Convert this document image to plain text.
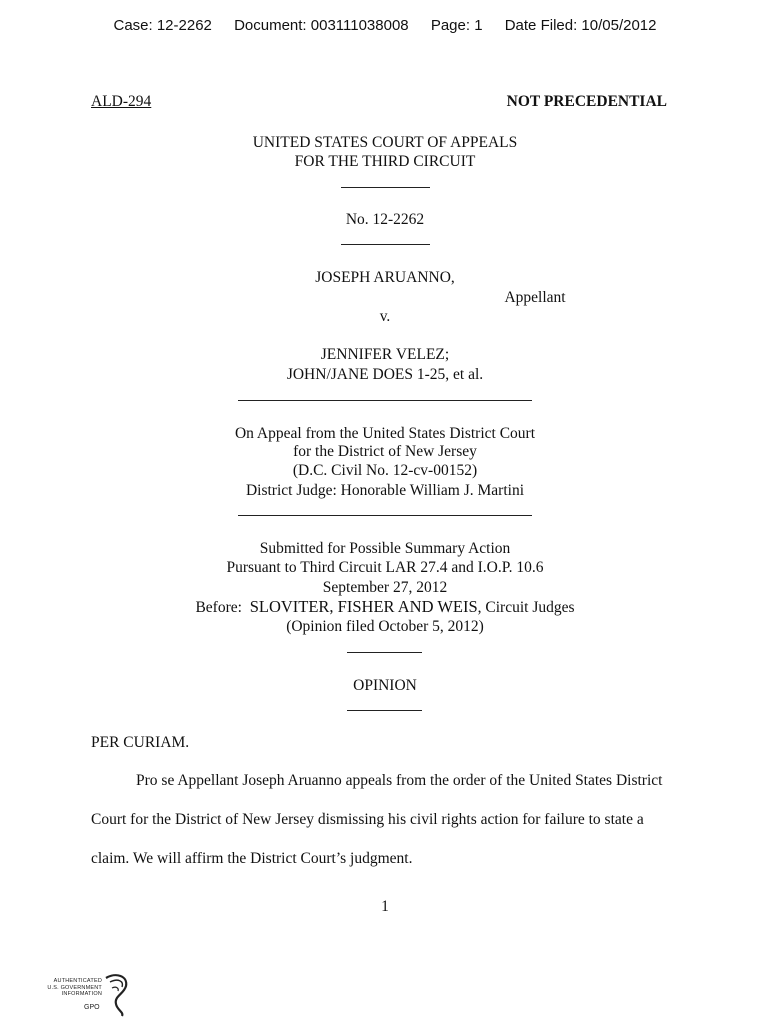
Case: 12-2262 Document: 003111038008 Page: 1 Date Filed: 10/05/2012
ALD-294	NOT PRECEDENTIAL

UNITED STATES COURT OF APPEALS

FOR THE THIRD CIRCUIT

No. 12-2262

JOSEPH ARUANNO,

Appellant

v.

JENNIFER VELEZ;

JOHN/JANE DOES 1-25, et al.

On Appeal from the United States District Court

for the District of New Jersey

(D.C. Civil No. 12-cv-00152)

District Judge: Honorable William J. Martini

Submitted for Possible Summary Action

Pursuant to Third Circuit LAR 27.4 and I.O.P. 10.6

September 27, 2012

Before: SLOVITER, FISHER AND WEIS, Circuit Judges

(Opinion filed October 5, 2012)

OPINION

PER CURIAM.

Pro se Appellant Joseph Aruanno appeals from the order of the United States District Court for the District of New Jersey dismissing his civil rights action for failure to state a claim. We will affirm the District Court’s judgment.

1

AUTHENTICATED
U.S. GOVERNMENT
INFORMATION
GPO
